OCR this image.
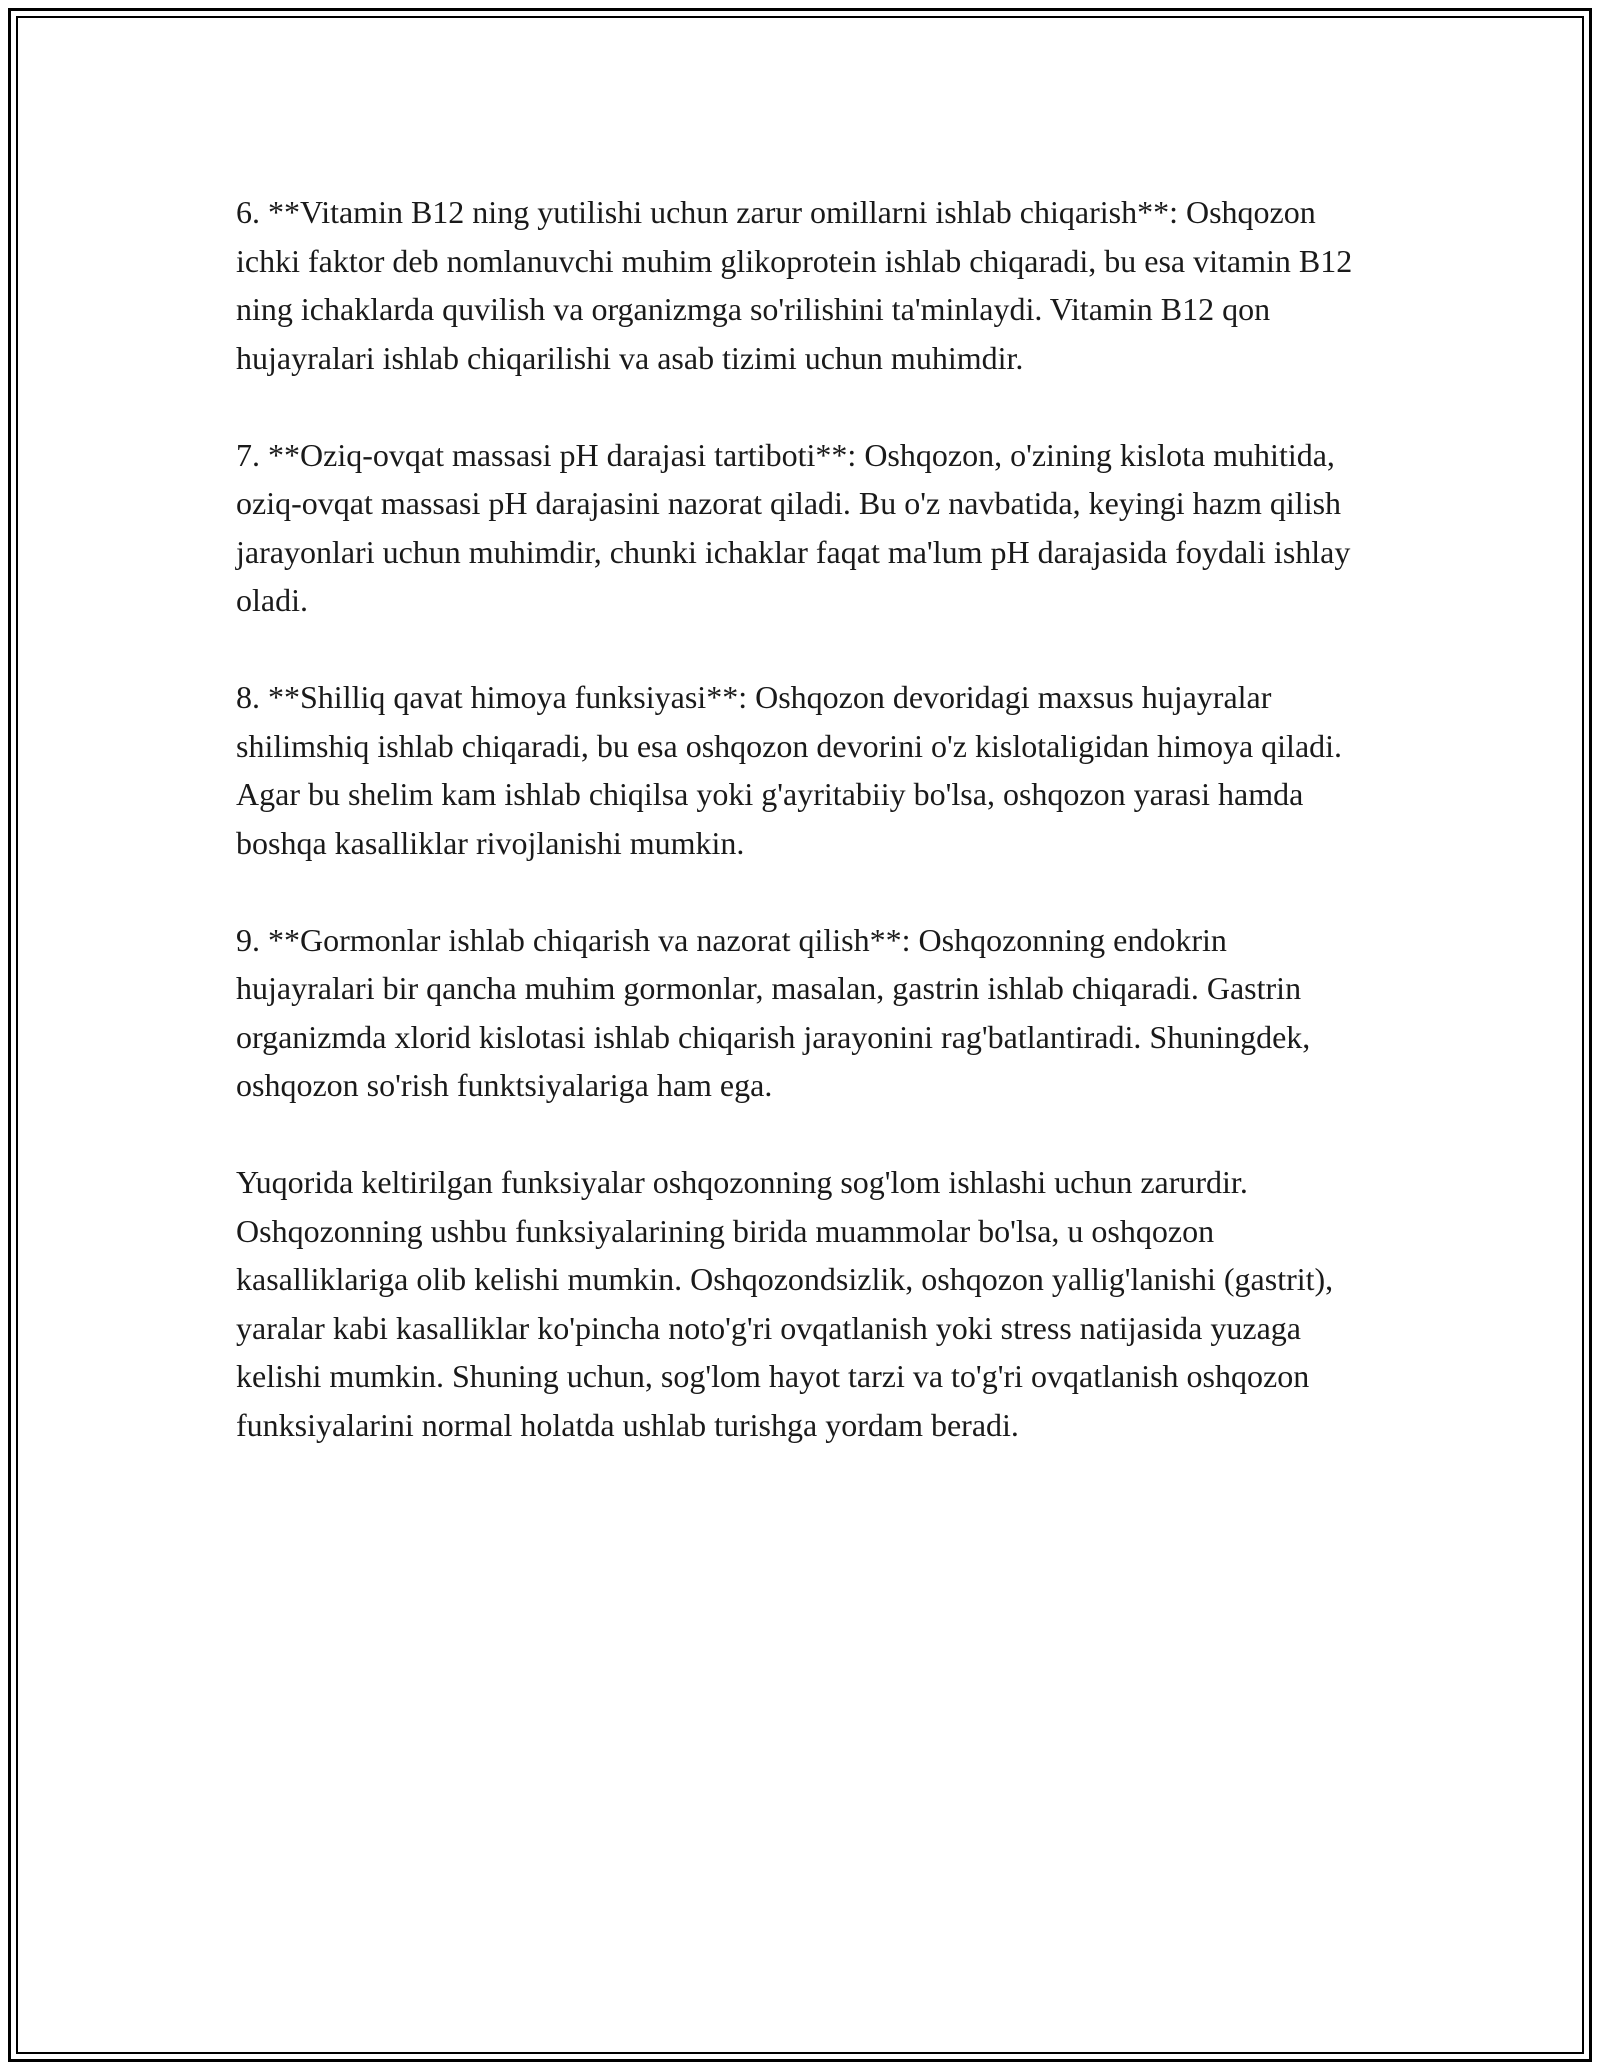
6. **Vitamin B12 ning yutilishi uchun zarur omillarni ishlab chiqarish**: Oshqozon ichki faktor deb nomlanuvchi muhim glikoprotein ishlab chiqaradi, bu esa vitamin B12 ning ichaklarda quvilish va organizmga so'rilishini ta'minlaydi. Vitamin B12 qon hujayralari ishlab chiqarilishi va asab tizimi uchun muhimdir.

7. **Oziq-ovqat massasi pH darajasi tartiboti**: Oshqozon, o'zining kislota muhitida, oziq-ovqat massasi pH darajasini nazorat qiladi. Bu o'z navbatida, keyingi hazm qilish jarayonlari uchun muhimdir, chunki ichaklar faqat ma'lum pH darajasida foydali ishlay oladi.

8. **Shilliq qavat himoya funksiyasi**: Oshqozon devoridagi maxsus hujayralar shilimshiq ishlab chiqaradi, bu esa oshqozon devorini o'z kislotaligidan himoya qiladi. Agar bu shelim kam ishlab chiqilsa yoki g'ayritabiiy bo'lsa, oshqozon yarasi hamda boshqa kasalliklar rivojlanishi mumkin.

9. **Gormonlar ishlab chiqarish va nazorat qilish**: Oshqozonning endokrin hujayralari bir qancha muhim gormonlar, masalan, gastrin ishlab chiqaradi. Gastrin organizmda xlorid kislotasi ishlab chiqarish jarayonini rag'batlantiradi. Shuningdek, oshqozon so'rish funktsiyalariga ham ega.

Yuqorida keltirilgan funksiyalar oshqozonning sog'lom ishlashi uchun zarurdir. Oshqozonning ushbu funksiyalarining birida muammolar bo'lsa, u oshqozon kasalliklariga olib kelishi mumkin. Oshqozondsizlik, oshqozon yallig'lanishi (gastrit), yaralar kabi kasalliklar ko'pincha noto'g'ri ovqatlanish yoki stress natijasida yuzaga kelishi mumkin. Shuning uchun, sog'lom hayot tarzi va to'g'ri ovqatlanish oshqozon funksiyalarini normal holatda ushlab turishga yordam beradi.
